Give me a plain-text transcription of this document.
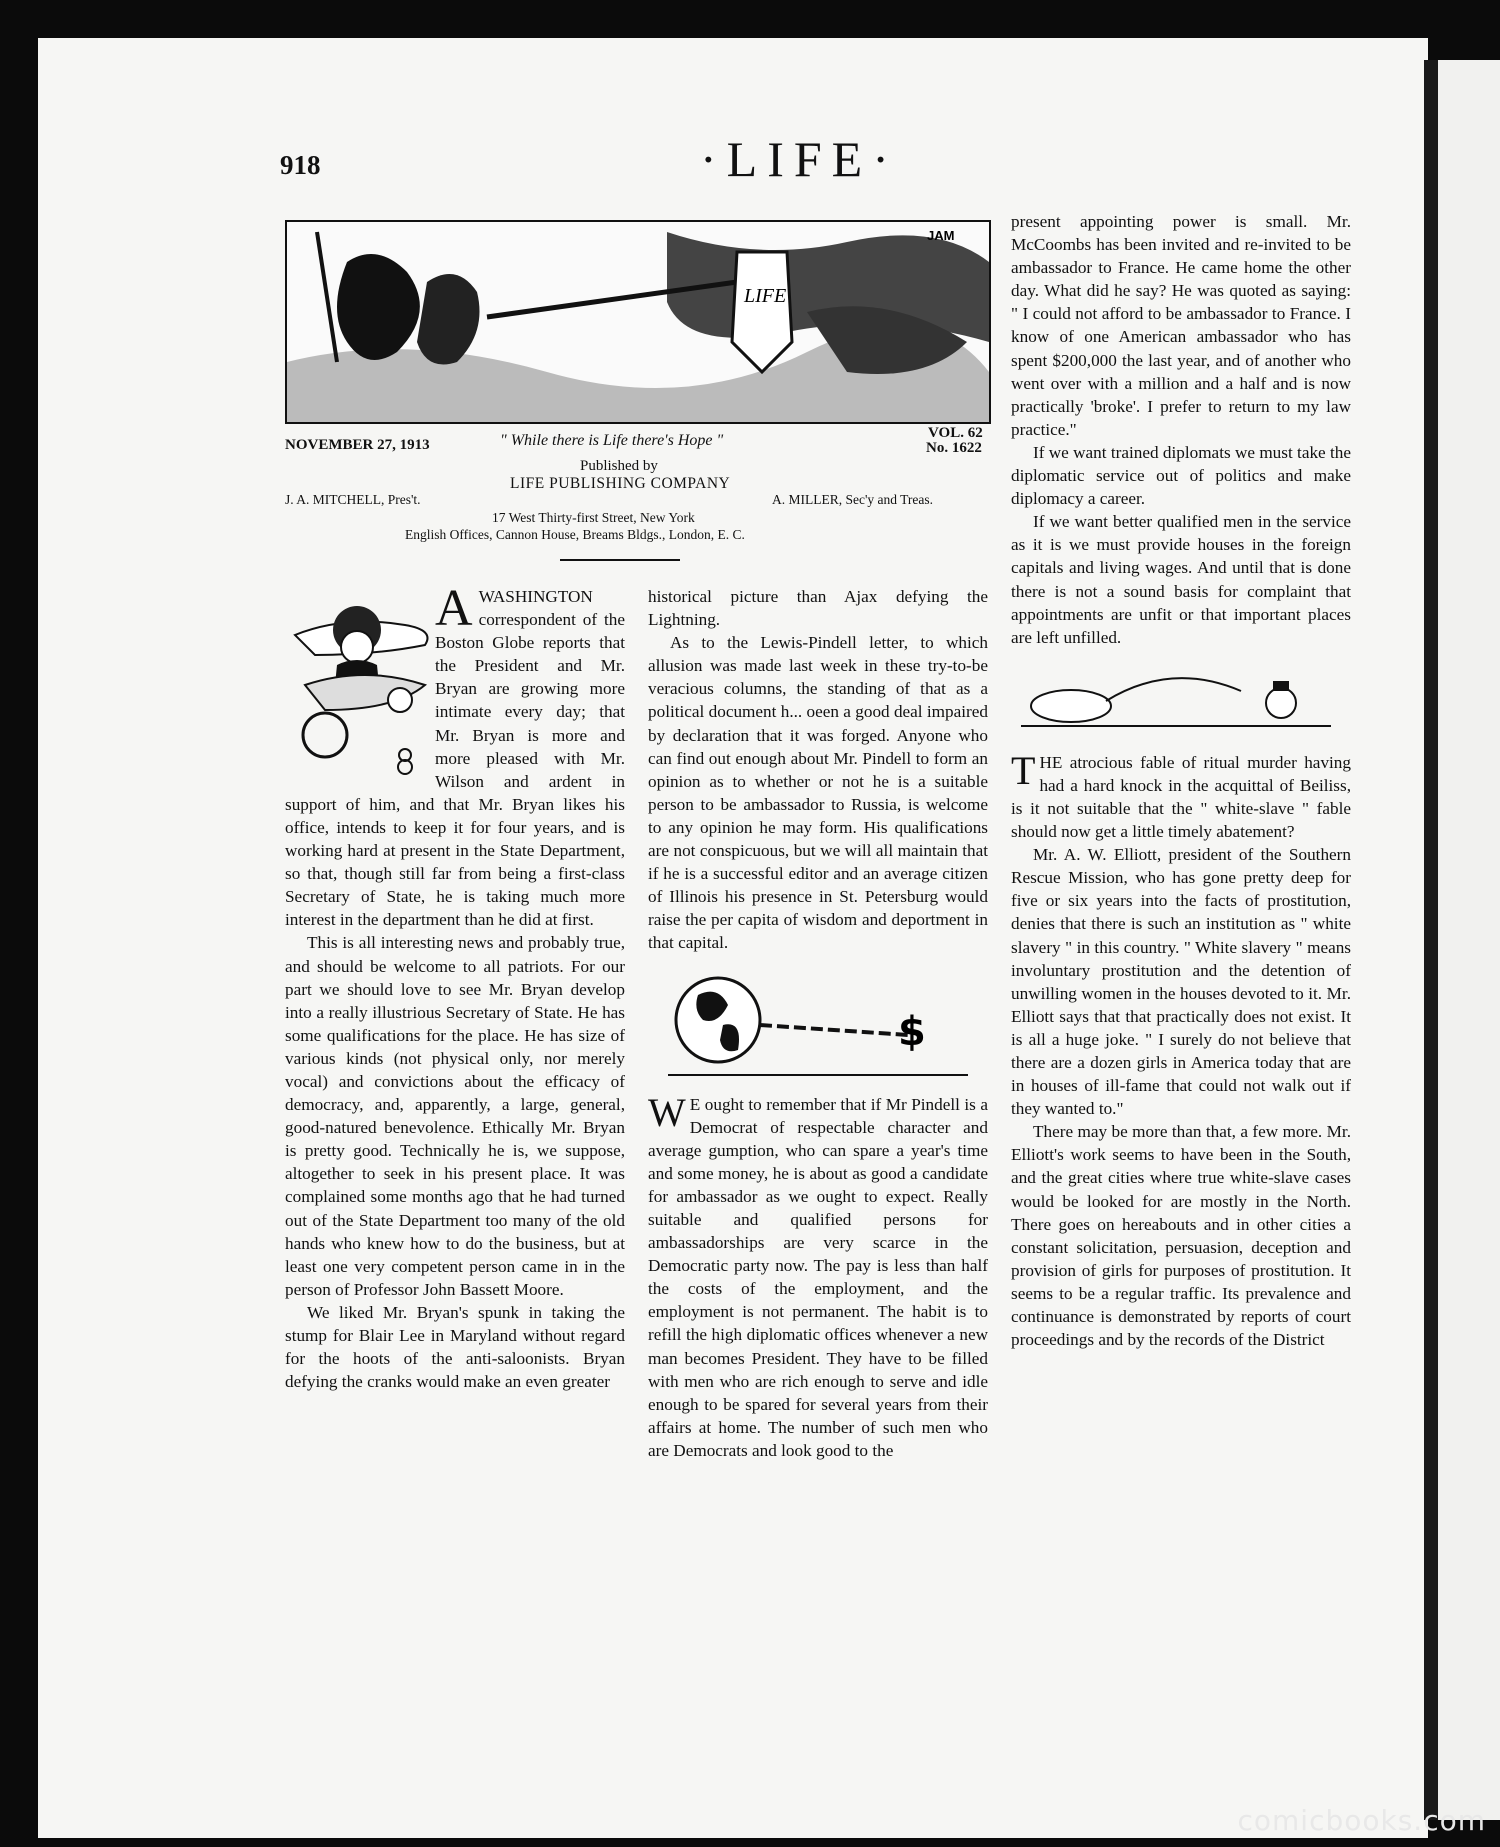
918	·LIFE·
LIFE
JAM
NOVEMBER 27, 1913	" While there is Life there's Hope "	VOL. 62
No. 1622
Published by
LIFE PUBLISHING COMPANY
J. A. MITCHELL, Pres't.	A. MILLER, Sec'y and Treas.
17 West Thirty-first Street, New York
English Offices, Cannon House, Breams Bldgs., London, E. C.

AWASHINGTON correspondent of the Boston Globe reports that the President and Mr. Bryan are growing more intimate every day; that Mr. Bryan is more and more pleased with Mr. Wilson and ardent in support of him, and that Mr. Bryan likes his office, intends to keep it for four years, and is working hard at present in the State Department, so that, though still far from being a first-class Secretary of State, he is taking much more interest in the department than he did at first.

This is all interesting news and probably true, and should be welcome to all patriots. For our part we should love to see Mr. Bryan develop into a really illustrious Secretary of State. He has some qualifications for the place. He has size of various kinds (not physical only, nor merely vocal) and convictions about the efficacy of democracy, and, apparently, a large, general, good-natured benevolence. Ethically Mr. Bryan is pretty good. Technically he is, we suppose, altogether to seek in his present place. It was complained some months ago that he had turned out of the State Department too many of the old hands who knew how to do the business, but at least one very competent person came in in the person of Professor John Bassett Moore.

We liked Mr. Bryan's spunk in taking the stump for Blair Lee in Maryland without regard for the hoots of the anti-saloonists. Bryan defying the cranks would make an even greater

historical picture than Ajax defying the Lightning.

As to the Lewis-Pindell letter, to which allusion was made last week in these try-to-be veracious columns, the standing of that as a political document h... oeen a good deal impaired by declaration that it was forged. Anyone who can find out enough about Mr. Pindell to form an opinion as to whether or not he is a suitable person to be ambassador to Russia, is welcome to any opinion he may form. His qualifications are not conspicuous, but we will all maintain that if he is a successful editor and an average citizen of Illinois his presence in St. Petersburg would raise the per capita of wisdom and deportment in that capital.

$

W E ought to remember that if Mr Pindell is a Democrat of respectable character and average gumption, who can spare a year's time and some money, he is about as good a candidate for ambassador as we ought to expect. Really suitable and qualified persons for ambassadorships are very scarce in the Democratic party now. The pay is less than half the costs of the employment, and the employment is not permanent. The habit is to refill the high diplomatic offices whenever a new man becomes President. They have to be filled with men who are rich enough to serve and idle enough to be spared for several years from their affairs at home. The number of such men who are Democrats and look good to the

present appointing power is small. Mr. McCoombs has been invited and re-invited to be ambassador to France. He came home the other day. What did he say? He was quoted as saying: " I could not afford to be ambassador to France. I know of one American ambassador who has spent $200,000 the last year, and of another who went over with a million and a half and is now practically 'broke'. I prefer to return to my law practice."

If we want trained diplomats we must take the diplomatic service out of politics and make diplomacy a career.

If we want better qualified men in the service as it is we must provide houses in the foreign capitals and living wages. And until that is done there is not a sound basis for complaint that appointments are unfit or that important places are left unfilled.

THE atrocious fable of ritual murder having had a hard knock in the acquittal of Beiliss, is it not suitable that the " white-slave " fable should now get a little timely abatement?

Mr. A. W. Elliott, president of the Southern Rescue Mission, who has gone pretty deep for five or six years into the facts of prostitution, denies that there is such an institution as " white slavery " in this country. " White slavery " means involuntary prostitution and the detention of unwilling women in the houses devoted to it. Mr. Elliott says that that practically does not exist. It is all a huge joke. " I surely do not believe that there are a dozen girls in America today that are in houses of ill-fame that could not walk out if they wanted to."

There may be more than that, a few more. Mr. Elliott's work seems to have been in the South, and the great cities where true white-slave cases would be looked for are mostly in the North. There goes on hereabouts and in other cities a constant solicitation, persuasion, deception and provision of girls for purposes of prostitution. It seems to be a regular traffic. Its prevalence and continuance is demonstrated by reports of court proceedings and by the records of the District

comicbooks.com
